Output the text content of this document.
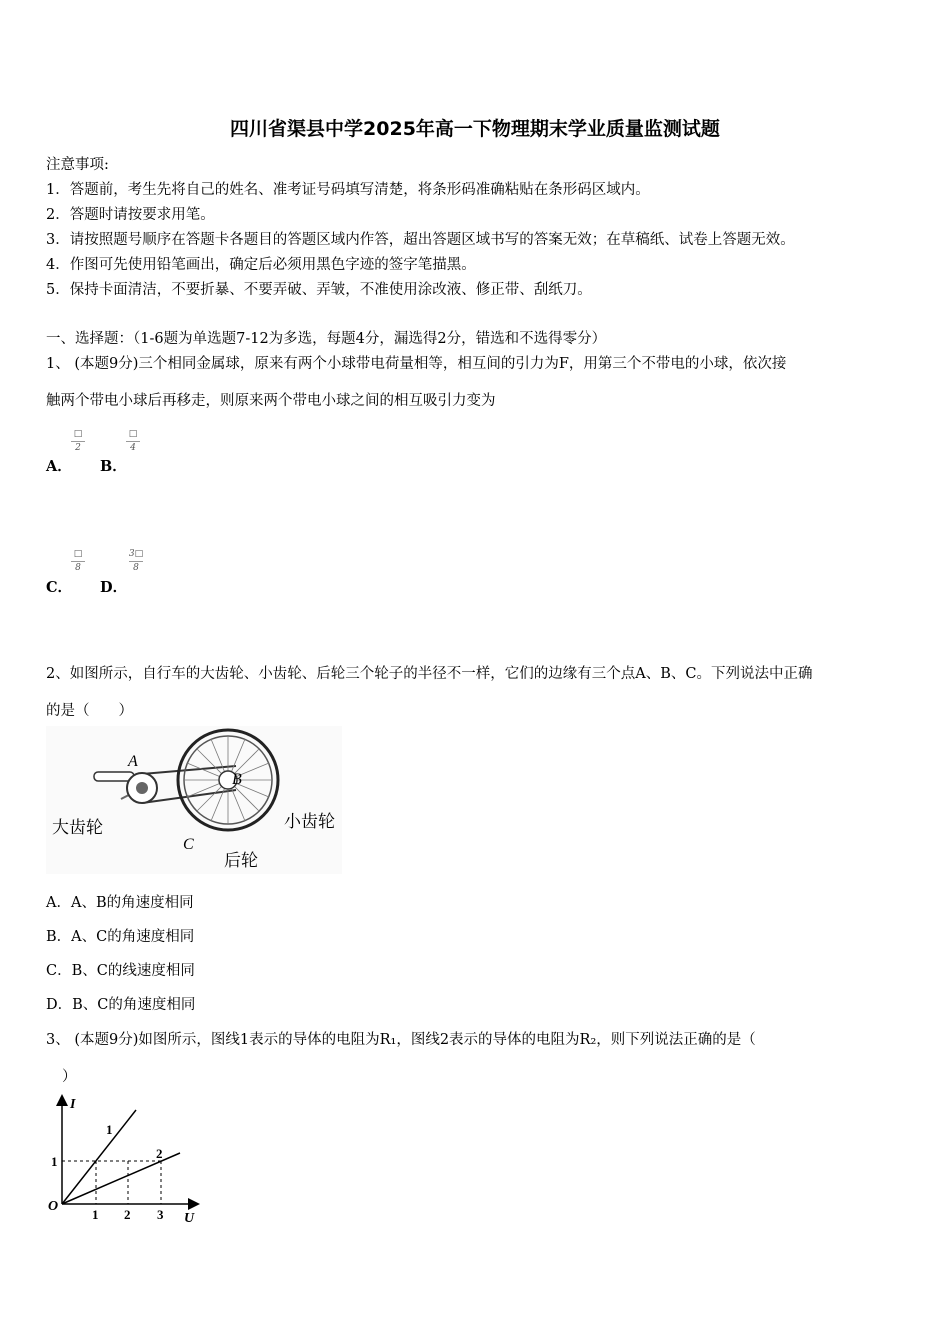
四川省渠县中学2025年高一下物理期末学业质量监测试题
注意事项:
1．答题前，考生先将自己的姓名、准考证号码填写清楚，将条形码准确粘贴在条形码区域内。
2．答题时请按要求用笔。
3．请按照题号顺序在答题卡各题目的答题区域内作答，超出答题区域书写的答案无效；在草稿纸、试卷上答题无效。
4．作图可先使用铅笔画出，确定后必须用黑色字迹的签字笔描黑。
5．保持卡面清洁，不要折暴、不要弄破、弄皱，不准使用涂改液、修正带、刮纸刀。
一、选择题：（1-6题为单选题7-12为多选，每题4分，漏选得2分，错选和不选得零分）
1、 (本题9分)三个相同金属球，原来有两个小球带电荷量相等，相互间的引力为F，用第三个不带电的小球，依次接
触两个带电小球后再移走，则原来两个带电小球之间的相互吸引力变为
A．
□
2
B．
□
4
C．
□
8
D．
3□
8
2、如图所示，自行车的大齿轮、小齿轮、后轮三个轮子的半径不一样，它们的边缘有三个点A、B、C。下列说法中正确
的是（　　）
A
B
C
大齿轮	小齿轮
后轮
A．A、B的角速度相同
B．A、C的角速度相同
C．B、C的线速度相同
D．B、C的角速度相同
3、 (本题9分)如图所示，图线1表示的导体的电阻为R₁，图线2表示的导体的电阻为R₂，则下列说法正确的是（
）
I
U
O
1
1 2 3
1
2
